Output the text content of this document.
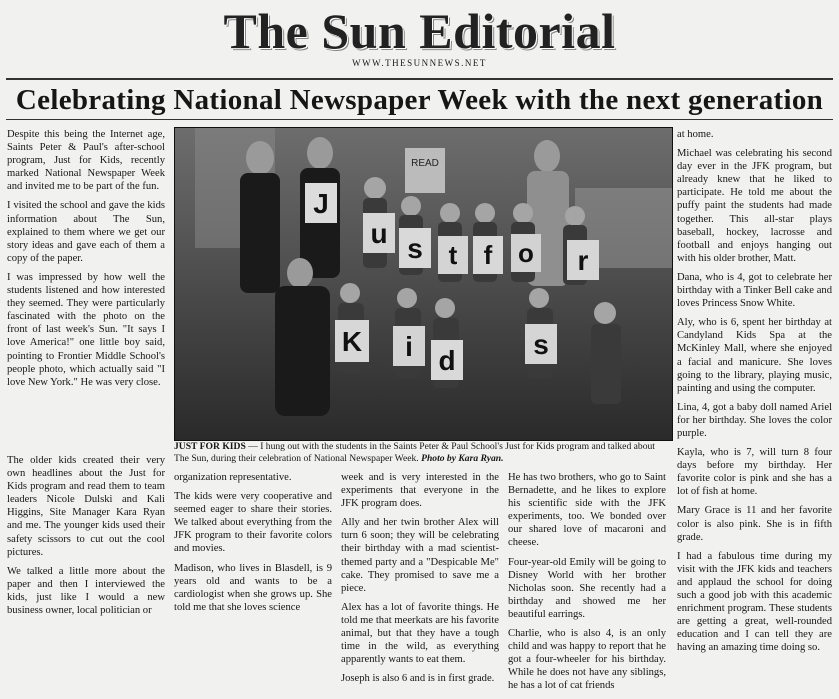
The Sun Editorial
WWW.THESUNNEWS.NET
Celebrating National Newspaper Week with the next generation

Despite this being the Internet age, Saints Peter & Paul's after-school program, Just for Kids, recently marked National Newspaper Week and invited me to be part of the fun.

I visited the school and gave the kids information about The Sun, explained to them where we get our story ideas and gave each of them a copy of the paper.

I was impressed by how well the students listened and how interested they seemed. They were particularly fascinated with the photo on the front of last week's Sun. "It says I love America!" one little boy said, pointing to Frontier Middle School's people photo, which actually said "I love New York." He was very close.

READ
J
u s t f o r
K i d
s
JUST FOR KIDS — I hung out with the students in the Saints Peter & Paul School's Just for Kids program and talked about The Sun, during their celebration of National Newspaper Week. Photo by Kara Ryan.

The older kids created their very own headlines about the Just for Kids program and read them to team leaders Nicole Dulski and Kali Higgins, Site Manager Kara Ryan and me. The younger kids used their safety scissors to cut out the cool pictures.

We talked a little more about the paper and then I interviewed the kids, just like I would a new business owner, local politician or

organization representative.

The kids were very cooperative and seemed eager to share their stories. We talked about everything from the JFK program to their favorite colors and movies.

Madison, who lives in Blasdell, is 9 years old and wants to be a cardiologist when she grows up. She told me that she loves science

week and is very interested in the experiments that everyone in the JFK program does.

Ally and her twin brother Alex will turn 6 soon; they will be celebrating their birthday with a mad scientist-themed party and a "Despicable Me" cake. They promised to save me a piece.

Alex has a lot of favorite things. He told me that meerkats are his favorite animal, but that they have a tough time in the wild, as everything apparently wants to eat them.

Joseph is also 6 and is in first grade.

He has two brothers, who go to Saint Bernadette, and he likes to explore his scientific side with the JFK experiments, too. We bonded over our shared love of macaroni and cheese.

Four-year-old Emily will be going to Disney World with her brother Nicholas soon. She recently had a birthday and showed me her beautiful earrings.

Charlie, who is also 4, is an only child and was happy to report that he got a four-wheeler for his birthday. While he does not have any siblings, he has a lot of cat friends

at home.

Michael was celebrating his second day ever in the JFK program, but already knew that he liked to participate. He told me about the puffy paint the students had made together. This all-star plays baseball, hockey, lacrosse and football and enjoys hanging out with his older brother, Matt.

Dana, who is 4, got to celebrate her birthday with a Tinker Bell cake and loves Princess Snow White.

Aly, who is 6, spent her birthday at Candyland Kids Spa at the McKinley Mall, where she enjoyed a facial and manicure. She loves going to the library, playing music, painting and using the computer.

Lina, 4, got a baby doll named Ariel for her birthday. She loves the color purple.

Kayla, who is 7, will turn 8 four days before my birthday. Her favorite color is pink and she has a lot of fish at home.

Mary Grace is 11 and her favorite color is also pink. She is in fifth grade.

I had a fabulous time during my visit with the JFK kids and teachers and applaud the school for doing such a good job with this academic enrichment program. These students are getting a great, well-rounded education and I can tell they are having an amazing time doing so.
